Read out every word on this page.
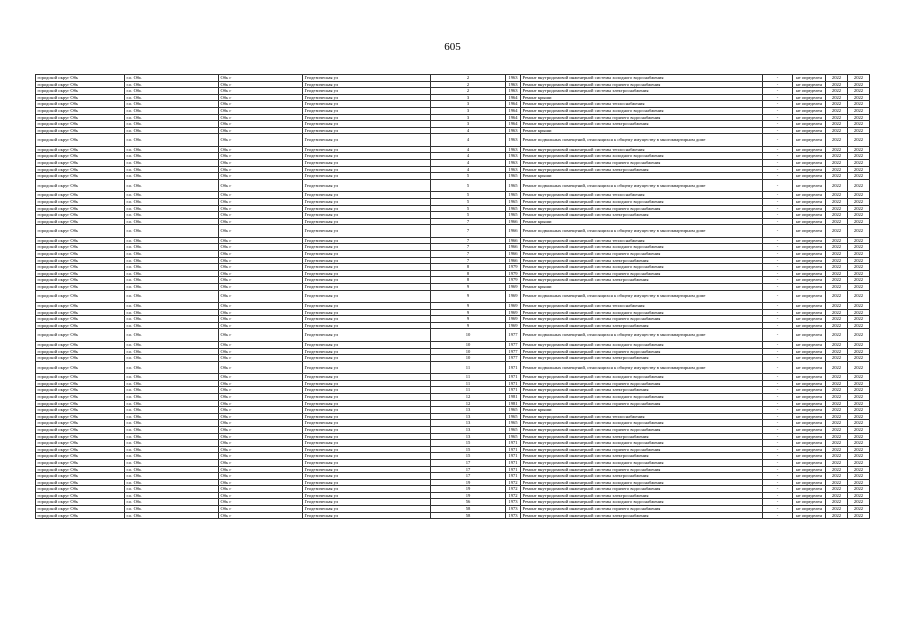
605
городской округ Обь	г.о. Обь	Обь г	Геодезическая ул	2	1963	Ремонт внутридомовой инженерной системы холодного водоснабжения	-	не определен	2022	2022
городской округ Обь	г.о. Обь	Обь г	Геодезическая ул	2	1963	Ремонт внутридомовой инженерной системы горячего водоснабжения	-	не определен	2022	2022
городской округ Обь	г.о. Обь	Обь г	Геодезическая ул	2	1963	Ремонт внутридомовой инженерной системы электроснабжения	-	не определен	2022	2022
городской округ Обь	г.о. Обь	Обь г	Геодезическая ул	3	1964	Ремонт крыши	-	не определен	2022	2022
городской округ Обь	г.о. Обь	Обь г	Геодезическая ул	3	1964	Ремонт внутридомовой инженерной системы теплоснабжения	-	не определен	2022	2022
городской округ Обь	г.о. Обь	Обь г	Геодезическая ул	3	1964	Ремонт внутридомовой инженерной системы холодного водоснабжения	-	не определен	2022	2022
городской округ Обь	г.о. Обь	Обь г	Геодезическая ул	3	1964	Ремонт внутридомовой инженерной системы горячего водоснабжения	-	не определен	2022	2022
городской округ Обь	г.о. Обь	Обь г	Геодезическая ул	3	1964	Ремонт внутридомовой инженерной системы электроснабжения	-	не определен	2022	2022
городской округ Обь	г.о. Обь	Обь г	Геодезическая ул	4	1963	Ремонт крыши	-	не определен	2022	2022
городской округ Обь	г.о. Обь	Обь г	Геодезическая ул	4	1963	Ремонт подвальных помещений, относящихся к общему имуществу в многоквартирном доме	-	не определен	2022	2022
городской округ Обь	г.о. Обь	Обь г	Геодезическая ул	4	1963	Ремонт внутридомовой инженерной системы теплоснабжения	-	не определен	2022	2022
городской округ Обь	г.о. Обь	Обь г	Геодезическая ул	4	1963	Ремонт внутридомовой инженерной системы холодного водоснабжения	-	не определен	2022	2022
городской округ Обь	г.о. Обь	Обь г	Геодезическая ул	4	1963	Ремонт внутридомовой инженерной системы горячего водоснабжения	-	не определен	2022	2022
городской округ Обь	г.о. Обь	Обь г	Геодезическая ул	4	1963	Ремонт внутридомовой инженерной системы электроснабжения	-	не определен	2022	2022
городской округ Обь	г.о. Обь	Обь г	Геодезическая ул	5	1965	Ремонт крыши	-	не определен	2022	2022
городской округ Обь	г.о. Обь	Обь г	Геодезическая ул	5	1965	Ремонт подвальных помещений, относящихся к общему имуществу в многоквартирном доме	-	не определен	2022	2022
городской округ Обь	г.о. Обь	Обь г	Геодезическая ул	5	1965	Ремонт внутридомовой инженерной системы теплоснабжения	-	не определен	2022	2022
городской округ Обь	г.о. Обь	Обь г	Геодезическая ул	5	1965	Ремонт внутридомовой инженерной системы холодного водоснабжения	-	не определен	2022	2022
городской округ Обь	г.о. Обь	Обь г	Геодезическая ул	5	1965	Ремонт внутридомовой инженерной системы горячего водоснабжения	-	не определен	2022	2022
городской округ Обь	г.о. Обь	Обь г	Геодезическая ул	5	1965	Ремонт внутридомовой инженерной системы электроснабжения	-	не определен	2022	2022
городской округ Обь	г.о. Обь	Обь г	Геодезическая ул	7	1966	Ремонт крыши	-	не определен	2022	2022
городской округ Обь	г.о. Обь	Обь г	Геодезическая ул	7	1966	Ремонт подвальных помещений, относящихся к общему имуществу в многоквартирном доме	-	не определен	2022	2022
городской округ Обь	г.о. Обь	Обь г	Геодезическая ул	7	1966	Ремонт внутридомовой инженерной системы теплоснабжения	-	не определен	2022	2022
городской округ Обь	г.о. Обь	Обь г	Геодезическая ул	7	1966	Ремонт внутридомовой инженерной системы холодного водоснабжения	-	не определен	2022	2022
городской округ Обь	г.о. Обь	Обь г	Геодезическая ул	7	1966	Ремонт внутридомовой инженерной системы горячего водоснабжения	-	не определен	2022	2022
городской округ Обь	г.о. Обь	Обь г	Геодезическая ул	7	1966	Ремонт внутридомовой инженерной системы электроснабжения	-	не определен	2022	2022
городской округ Обь	г.о. Обь	Обь г	Геодезическая ул	8	1979	Ремонт внутридомовой инженерной системы холодного водоснабжения	-	не определен	2022	2022
городской округ Обь	г.о. Обь	Обь г	Геодезическая ул	8	1979	Ремонт внутридомовой инженерной системы горячего водоснабжения	-	не определен	2022	2022
городской округ Обь	г.о. Обь	Обь г	Геодезическая ул	8	1979	Ремонт внутридомовой инженерной системы электроснабжения	-	не определен	2022	2022
городской округ Обь	г.о. Обь	Обь г	Геодезическая ул	9	1969	Ремонт крыши	-	не определен	2022	2022
городской округ Обь	г.о. Обь	Обь г	Геодезическая ул	9	1969	Ремонт подвальных помещений, относящихся к общему имуществу в многоквартирном доме	-	не определен	2022	2022
городской округ Обь	г.о. Обь	Обь г	Геодезическая ул	9	1969	Ремонт внутридомовой инженерной системы теплоснабжения	-	не определен	2022	2022
городской округ Обь	г.о. Обь	Обь г	Геодезическая ул	9	1969	Ремонт внутридомовой инженерной системы холодного водоснабжения	-	не определен	2022	2022
городской округ Обь	г.о. Обь	Обь г	Геодезическая ул	9	1969	Ремонт внутридомовой инженерной системы горячего водоснабжения	-	не определен	2022	2022
городской округ Обь	г.о. Обь	Обь г	Геодезическая ул	9	1969	Ремонт внутридомовой инженерной системы электроснабжения	-	не определен	2022	2022
городской округ Обь	г.о. Обь	Обь г	Геодезическая ул	10	1977	Ремонт подвальных помещений, относящихся к общему имуществу в многоквартирном доме	-	не определен	2022	2022
городской округ Обь	г.о. Обь	Обь г	Геодезическая ул	10	1977	Ремонт внутридомовой инженерной системы холодного водоснабжения	-	не определен	2022	2022
городской округ Обь	г.о. Обь	Обь г	Геодезическая ул	10	1977	Ремонт внутридомовой инженерной системы горячего водоснабжения	-	не определен	2022	2022
городской округ Обь	г.о. Обь	Обь г	Геодезическая ул	10	1977	Ремонт внутридомовой инженерной системы электроснабжения	-	не определен	2022	2022
городской округ Обь	г.о. Обь	Обь г	Геодезическая ул	11	1971	Ремонт подвальных помещений, относящихся к общему имуществу в многоквартирном доме	-	не определен	2022	2022
городской округ Обь	г.о. Обь	Обь г	Геодезическая ул	11	1971	Ремонт внутридомовой инженерной системы холодного водоснабжения	-	не определен	2022	2022
городской округ Обь	г.о. Обь	Обь г	Геодезическая ул	11	1971	Ремонт внутридомовой инженерной системы горячего водоснабжения	-	не определен	2022	2022
городской округ Обь	г.о. Обь	Обь г	Геодезическая ул	11	1971	Ремонт внутридомовой инженерной системы электроснабжения	-	не определен	2022	2022
городской округ Обь	г.о. Обь	Обь г	Геодезическая ул	12	1981	Ремонт внутридомовой инженерной системы холодного водоснабжения	-	не определен	2022	2022
городской округ Обь	г.о. Обь	Обь г	Геодезическая ул	12	1981	Ремонт внутридомовой инженерной системы горячего водоснабжения	-	не определен	2022	2022
городской округ Обь	г.о. Обь	Обь г	Геодезическая ул	13	1965	Ремонт крыши	-	не определен	2022	2022
городской округ Обь	г.о. Обь	Обь г	Геодезическая ул	13	1965	Ремонт внутридомовой инженерной системы теплоснабжения	-	не определен	2022	2022
городской округ Обь	г.о. Обь	Обь г	Геодезическая ул	13	1965	Ремонт внутридомовой инженерной системы холодного водоснабжения	-	не определен	2022	2022
городской округ Обь	г.о. Обь	Обь г	Геодезическая ул	13	1965	Ремонт внутридомовой инженерной системы горячего водоснабжения	-	не определен	2022	2022
городской округ Обь	г.о. Обь	Обь г	Геодезическая ул	13	1965	Ремонт внутридомовой инженерной системы электроснабжения	-	не определен	2022	2022
городской округ Обь	г.о. Обь	Обь г	Геодезическая ул	15	1971	Ремонт внутридомовой инженерной системы холодного водоснабжения	-	не определен	2022	2022
городской округ Обь	г.о. Обь	Обь г	Геодезическая ул	15	1971	Ремонт внутридомовой инженерной системы горячего водоснабжения	-	не определен	2022	2022
городской округ Обь	г.о. Обь	Обь г	Геодезическая ул	15	1971	Ремонт внутридомовой инженерной системы электроснабжения	-	не определен	2022	2022
городской округ Обь	г.о. Обь	Обь г	Геодезическая ул	17	1971	Ремонт внутридомовой инженерной системы холодного водоснабжения	-	не определен	2022	2022
городской округ Обь	г.о. Обь	Обь г	Геодезическая ул	17	1971	Ремонт внутридомовой инженерной системы горячего водоснабжения	-	не определен	2022	2022
городской округ Обь	г.о. Обь	Обь г	Геодезическая ул	17	1971	Ремонт внутридомовой инженерной системы электроснабжения	-	не определен	2022	2022
городской округ Обь	г.о. Обь	Обь г	Геодезическая ул	19	1972	Ремонт внутридомовой инженерной системы холодного водоснабжения	-	не определен	2022	2022
городской округ Обь	г.о. Обь	Обь г	Геодезическая ул	19	1972	Ремонт внутридомовой инженерной системы горячего водоснабжения	-	не определен	2022	2022
городской округ Обь	г.о. Обь	Обь г	Геодезическая ул	19	1972	Ремонт внутридомовой инженерной системы электроснабжения	-	не определен	2022	2022
городской округ Обь	г.о. Обь	Обь г	Геодезическая ул	56	1973	Ремонт внутридомовой инженерной системы холодного водоснабжения	-	не определен	2022	2022
городской округ Обь	г.о. Обь	Обь г	Геодезическая ул	58	1973	Ремонт внутридомовой инженерной системы горячего водоснабжения	-	не определен	2022	2022
городской округ Обь	г.о. Обь	Обь г	Геодезическая ул	58	1973	Ремонт внутридомовой инженерной системы электроснабжения	-	не определен	2022	2022
